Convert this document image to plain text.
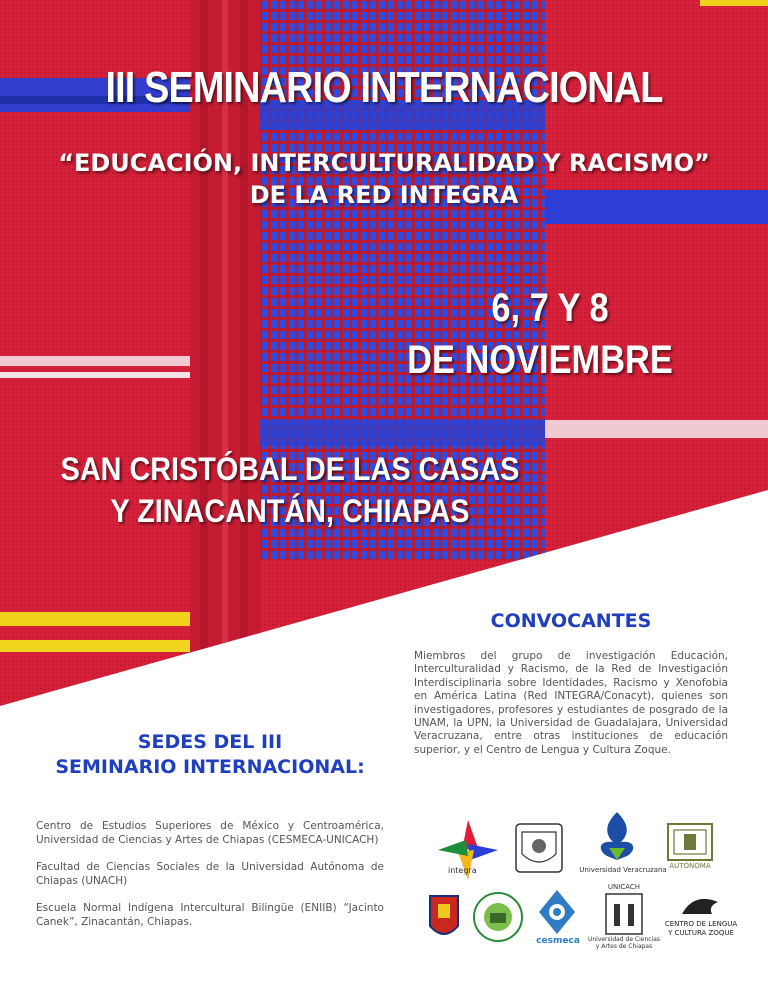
III SEMINARIO INTERNACIONAL
“EDUCACIÓN, INTERCULTURALIDAD Y RACISMO”
DE LA RED INTEGRA
6, 7 Y 8
DE NOVIEMBRE
SAN CRISTÓBAL DE LAS CASAS
Y ZINACANTÁN, CHIAPAS
CONVOCANTES

Miembros del grupo de investigación Educación, Interculturalidad y Racismo, de la Red de Investigación Interdisciplinaria sobre Identidades, Racismo y Xenofobia en América Latina (Red INTEGRA/Conacyt), quienes son investigadores, profesores y estudiantes de posgrado de la UNAM, la UPN, la Universidad de Guadalajara, Universidad Veracruzana, entre otras instituciones de educación superior, y el Centro de Lengua y Cultura Zoque.

SEDES DEL III
SEMINARIO INTERNACIONAL:

Centro de Estudios Superiores de México y Centroamérica, Universidad de Ciencias y Artes de Chiapas (CESMECA-UNICACH)

Facultad de Ciencias Sociales de la Universidad Autónoma de Chiapas (UNACH)

Escuela Normal Indígena Intercultural Bilingüe (ENIIB) “Jacinto Canek”, Zinacantán, Chiapas.

integra	Universidad Veracruzana AUTÓNOMA
cesmeca
UNICACH
Universidad de Ciencias
y Artes de Chiapas
CENTRO DE LENGUA
Y CULTURA ZOQUE
